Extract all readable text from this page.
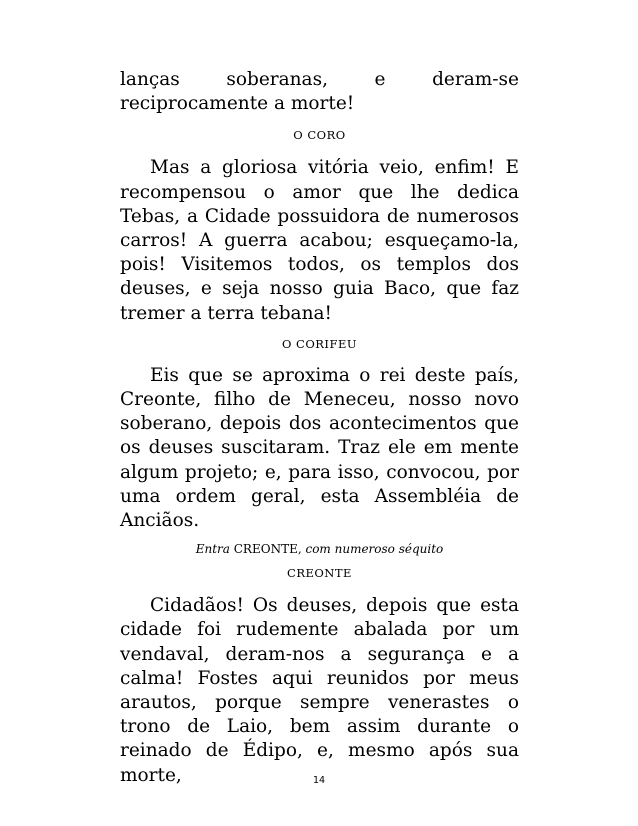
lanças soberanas, e deram-se reciprocamente a morte!

O CORO

Mas a gloriosa vitória veio, enfim! E recompensou o amor que lhe dedica Tebas, a Cidade possuidora de numerosos carros! A guerra acabou; esqueçamo-la, pois! Visitemos todos, os templos dos deuses, e seja nosso guia Baco, que faz tremer a terra tebana!

O CORIFEU

Eis que se aproxima o rei deste país, Creonte, filho de Meneceu, nosso novo soberano, depois dos acontecimentos que os deuses suscitaram. Traz ele em mente algum projeto; e, para isso, convocou, por uma ordem geral, esta Assembléia de Anciãos.

Entra CREONTE, com numeroso séquito

CREONTE

Cidadãos! Os deuses, depois que esta cidade foi rudemente abalada por um vendaval, deram-nos a segurança e a calma! Fostes aqui reunidos por meus arautos, porque sempre venerastes o trono de Laio, bem assim durante o reinado de Édipo, e, mesmo após sua morte,	14
